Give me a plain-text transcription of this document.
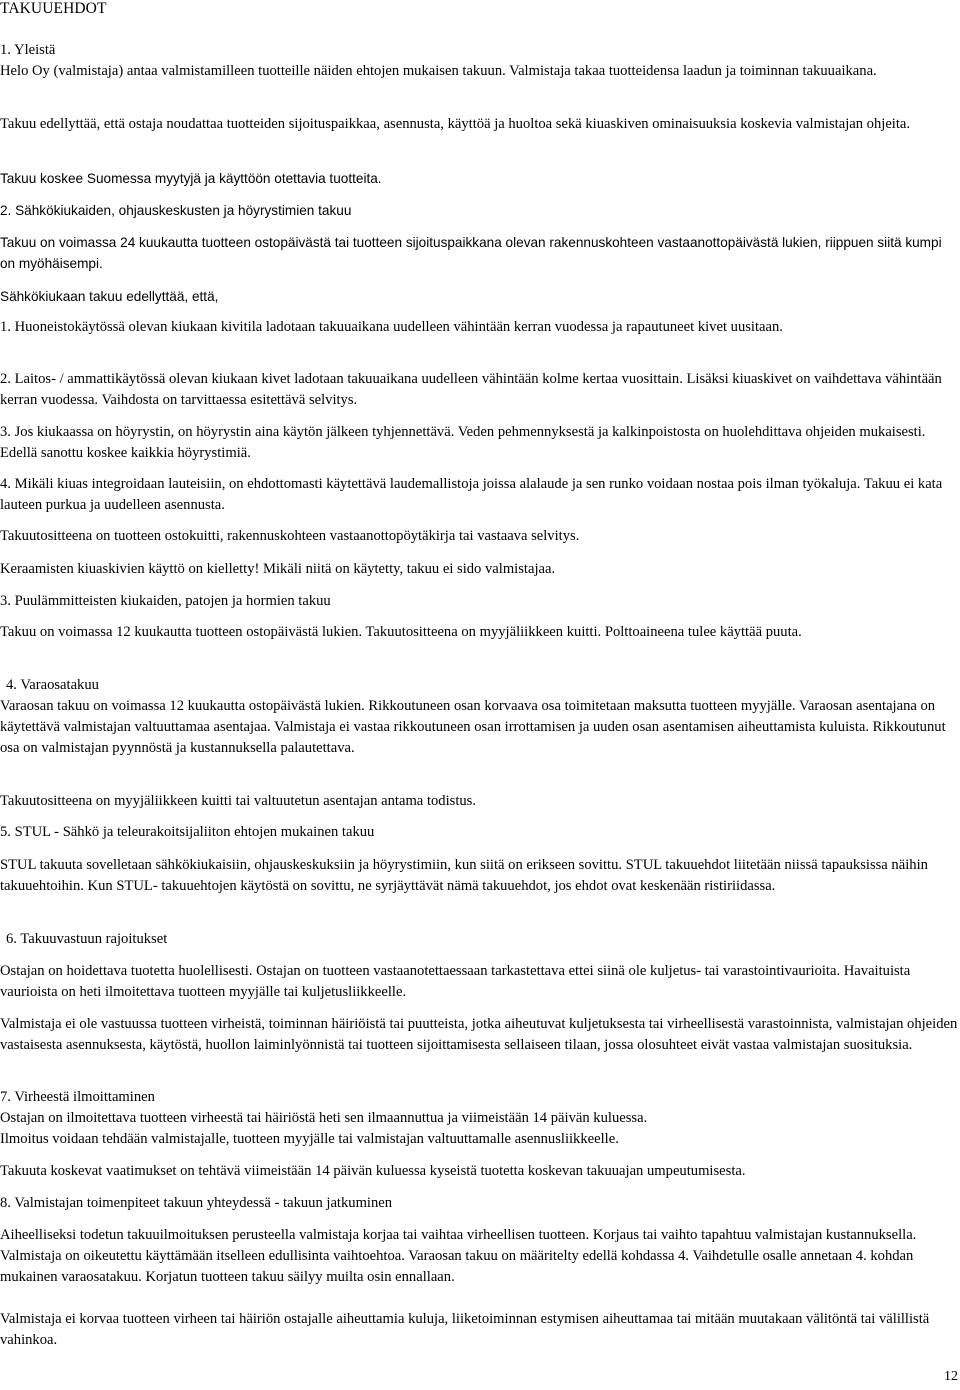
TAKUUEHDOT

1. Yleistä

Helo Oy (valmistaja) antaa valmistamilleen tuotteille näiden ehtojen mukaisen takuun. Valmistaja takaa tuotteidensa laadun ja toiminnan takuuaikana.

Takuu edellyttää, että ostaja noudattaa tuotteiden sijoituspaikkaa, asennusta, käyttöä ja huoltoa sekä kiuaskiven ominaisuuksia koskevia valmistajan ohjeita.

Takuu koskee Suomessa myytyjä ja käyttöön otettavia tuotteita.

2. Sähkökiukaiden, ohjauskeskusten ja höyrystimien takuu

Takuu on voimassa 24 kuukautta tuotteen ostopäivästä tai tuotteen sijoituspaikkana olevan rakennuskohteen vastaanottopäivästä lukien, riippuen siitä kumpi on myöhäisempi.

Sähkökiukaan takuu edellyttää, että,

1. Huoneistokäytössä olevan kiukaan kivitila ladotaan takuuaikana uudelleen vähintään kerran vuodessa ja rapautuneet kivet uusitaan.

2. Laitos- / ammattikäytössä olevan kiukaan kivet ladotaan takuuaikana uudelleen vähintään kolme kertaa vuosittain. Lisäksi kiuaskivet on vaihdettava vähintään kerran vuodessa. Vaihdosta on tarvittaessa esitettävä selvitys.

3. Jos kiukaassa on höyrystin, on höyrystin aina käytön jälkeen tyhjennettävä. Veden pehmennyksestä ja kalkinpoistosta on huolehdittava ohjeiden mukaisesti. Edellä sanottu koskee kaikkia höyrystimiä.

4. Mikäli kiuas integroidaan lauteisiin, on ehdottomasti käytettävä laudemallistoja joissa alalaude ja sen runko voidaan nostaa pois ilman työkaluja. Takuu ei kata lauteen purkua ja uudelleen asennusta.

Takuutositteena on tuotteen ostokuitti, rakennuskohteen vastaanottopöytäkirja tai vastaava selvitys.

Keraamisten kiuaskivien käyttö on kielletty! Mikäli niitä on käytetty, takuu ei sido valmistajaa.

3. Puulämmitteisten kiukaiden, patojen ja hormien takuu

Takuu on voimassa 12 kuukautta tuotteen ostopäivästä lukien. Takuutositteena on myyjäliikkeen kuitti. Polttoaineena tulee käyttää puuta.

4. Varaosatakuu

Varaosan takuu on voimassa 12 kuukautta ostopäivästä lukien. Rikkoutuneen osan korvaava osa toimitetaan maksutta tuotteen myyjälle. Varaosan asentajana on käytettävä valmistajan valtuuttamaa asentajaa. Valmistaja ei vastaa rikkoutuneen osan irrottamisen ja uuden osan asentamisen aiheuttamista kuluista. Rikkoutunut osa on valmistajan pyynnöstä ja kustannuksella palautettava.

Takuutositteena on myyjäliikkeen kuitti tai valtuutetun asentajan antama todistus.

5. STUL - Sähkö ja teleurakoitsijaliiton ehtojen mukainen takuu

STUL takuuta sovelletaan sähkökiukaisiin, ohjauskeskuksiin ja höyrystimiin, kun siitä on erikseen sovittu. STUL takuuehdot liitetään niissä tapauksissa näihin takuuehtoihin. Kun STUL- takuuehtojen käytöstä on sovittu, ne syrjäyttävät nämä takuuehdot, jos ehdot ovat keskenään ristiriidassa.

6. Takuuvastuun rajoitukset

Ostajan on hoidettava tuotetta huolellisesti. Ostajan on tuotteen vastaanotettaessaan tarkastettava ettei siinä ole kuljetus- tai varastointivaurioita. Havaituista vaurioista on heti ilmoitettava tuotteen myyjälle tai kuljetusliikkeelle.

Valmistaja ei ole vastuussa tuotteen virheistä, toiminnan häiriöistä tai puutteista, jotka aiheutuvat kuljetuksesta tai virheellisestä varastoinnista, valmistajan ohjeiden vastaisesta asennuksesta, käytöstä, huollon laiminlyönnistä tai tuotteen sijoittamisesta sellaiseen tilaan, jossa olosuhteet eivät vastaa valmistajan suosituksia.

7. Virheestä ilmoittaminen

Ostajan on ilmoitettava tuotteen virheestä tai häiriöstä heti sen ilmaannuttua ja viimeistään 14 päivän kuluessa.

Ilmoitus voidaan tehdään valmistajalle, tuotteen myyjälle tai valmistajan valtuuttamalle asennusliikkeelle.

Takuuta koskevat vaatimukset on tehtävä viimeistään 14 päivän kuluessa kyseistä tuotetta koskevan takuuajan umpeutumisesta.

8. Valmistajan toimenpiteet takuun yhteydessä - takuun jatkuminen

Aiheelliseksi todetun takuuilmoituksen perusteella valmistaja korjaa tai vaihtaa virheellisen tuotteen. Korjaus tai vaihto tapahtuu valmistajan kustannuksella. Valmistaja on oikeutettu käyttämään itselleen edullisinta vaihtoehtoa. Varaosan takuu on määritelty edellä kohdassa 4. Vaihdetulle osalle annetaan 4. kohdan mukainen varaosatakuu. Korjatun tuotteen takuu säilyy muilta osin ennallaan.

Valmistaja ei korvaa tuotteen virheen tai häiriön ostajalle aiheuttamia kuluja, liiketoiminnan estymisen aiheuttamaa tai mitään muutakaan välitöntä tai välillistä vahinkoa.

12
